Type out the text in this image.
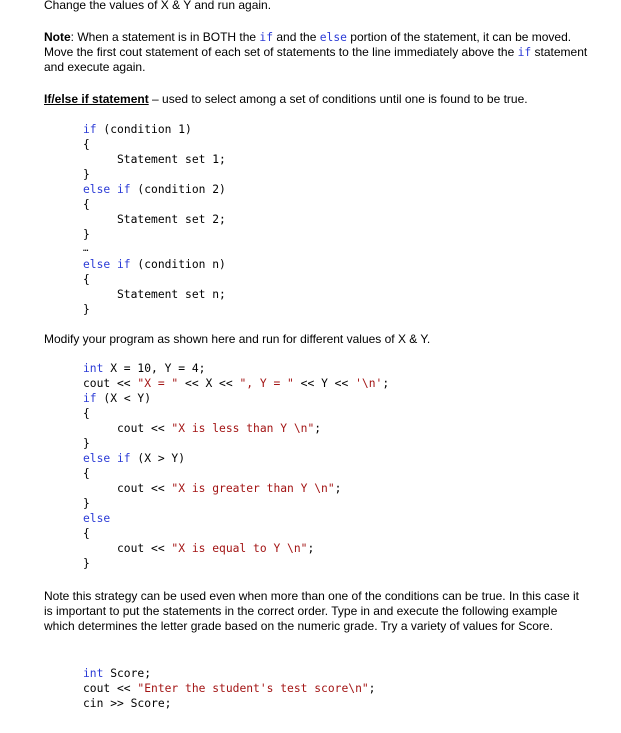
Change the values of X & Y and run again.

Note: When a statement is in BOTH the if and the else portion of the statement, it can be moved. Move the first cout statement of each set of statements to the line immediately above the if statement and execute again.

If/else if statement – used to select among a set of conditions until one is found to be true.

if (condition 1)

{

Statement set 1;

}

else if (condition 2)

{

Statement set 2;

}

…

else if (condition n)

{

Statement set n;

}

Modify your program as shown here and run for different values of X & Y.

int X = 10, Y = 4;

cout << "X = " << X << ", Y = " << Y << '\n';

if (X < Y)

{

cout << "X is less than Y \n";

}

else if (X > Y)

{

cout << "X is greater than Y \n";

}

else

{

cout << "X is equal to Y \n";

}

Note this strategy can be used even when more than one of the conditions can be true. In this case it is important to put the statements in the correct order. Type in and execute the following example which determines the letter grade based on the numeric grade. Try a variety of values for Score.

int Score;

cout << "Enter the student's test score\n";

cin >> Score;
